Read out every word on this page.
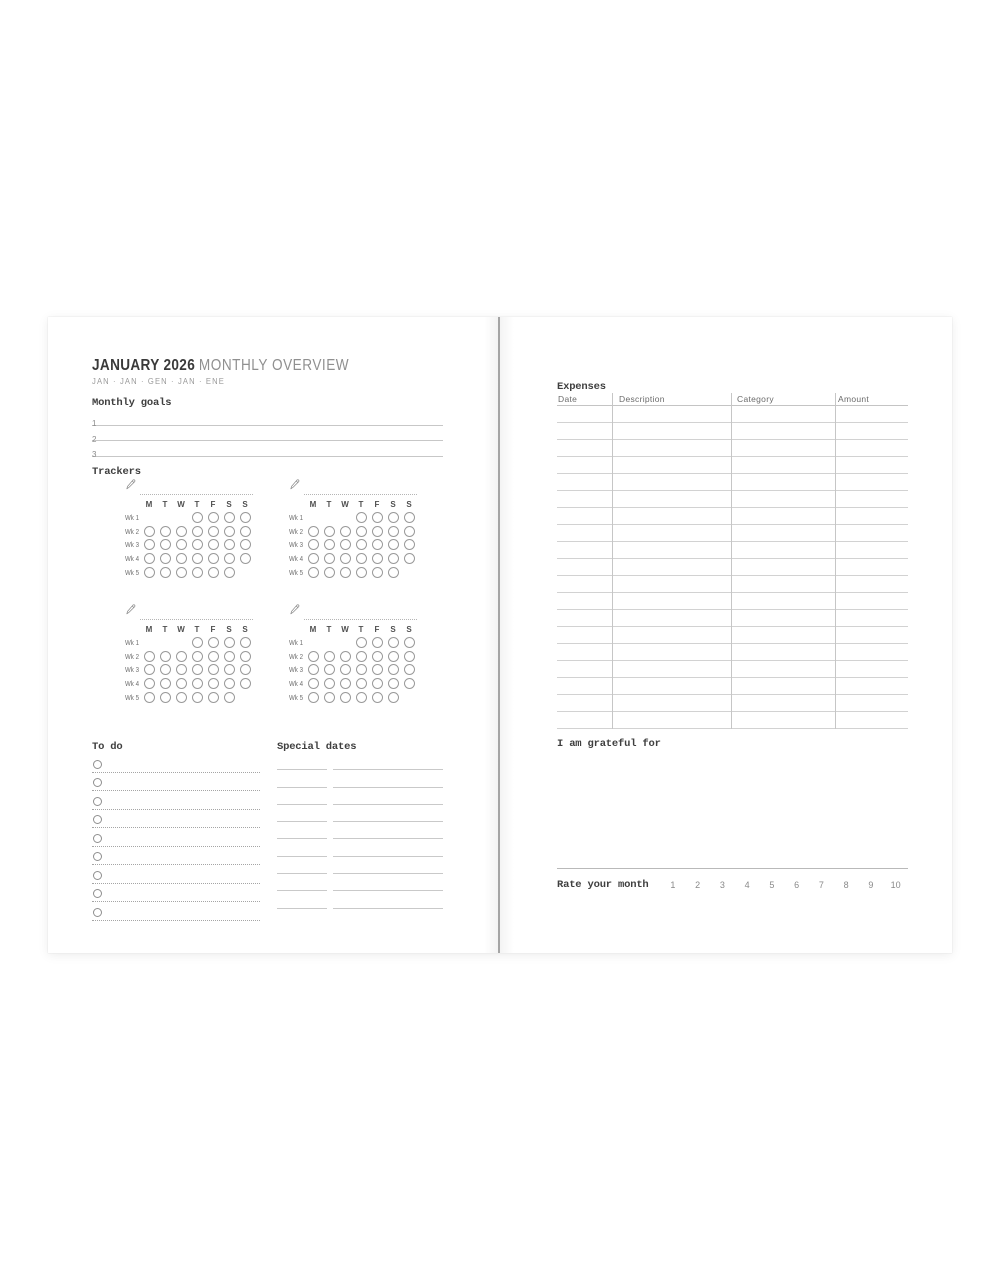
JANUARY 2026 MONTHLY OVERVIEW
JAN · JAN · GEN · JAN · ENE
Monthly goals
1
2
3
Trackers
M	T	W	T	F	S	S
Wk 1
Wk 2
Wk 3
Wk 4
Wk 5
M	T	W	T	F	S	S
Wk 1
Wk 2
Wk 3
Wk 4
Wk 5
M	T	W	T	F	S	S
Wk 1
Wk 2
Wk 3
Wk 4
Wk 5
M	T	W	T	F	S	S
Wk 1
Wk 2
Wk 3
Wk 4
Wk 5
To do	Special dates
Expenses
Date	Description	Category	Amount
I am grateful for
Rate your month	1	2	3	4	5	6	7	8	9	10
